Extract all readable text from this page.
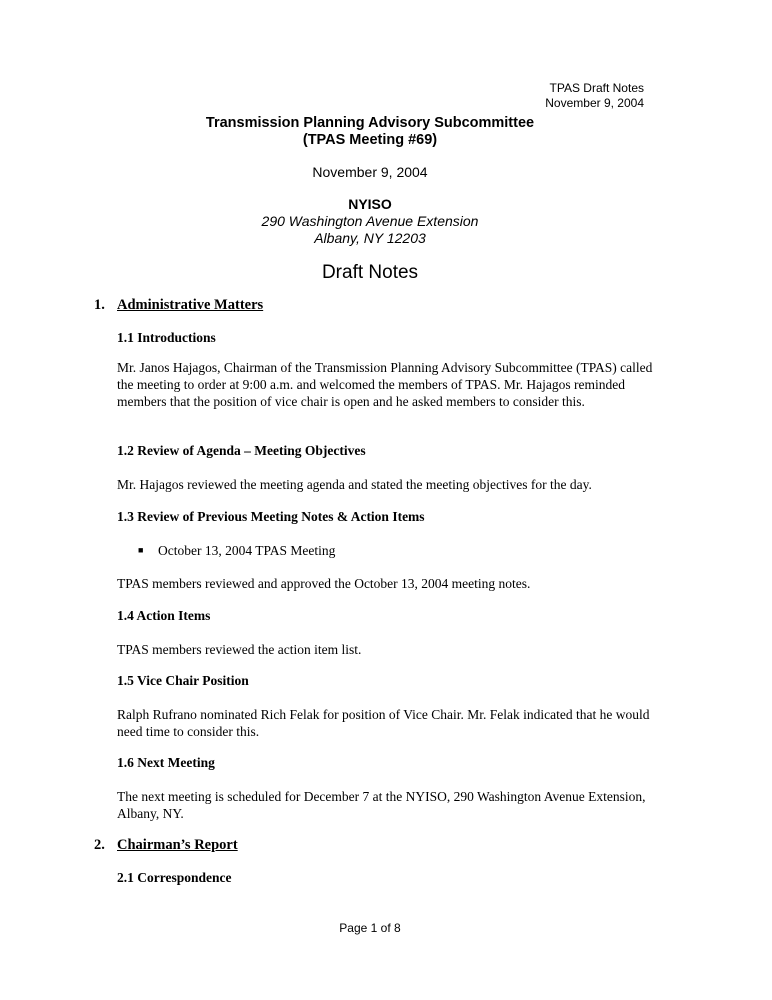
TPAS Draft Notes
November 9, 2004
Transmission Planning Advisory Subcommittee
(TPAS Meeting #69)
November 9, 2004
NYISO
290 Washington Avenue Extension
Albany, NY 12203
Draft Notes
1. Administrative Matters
1.1 Introductions
Mr. Janos Hajagos, Chairman of the Transmission Planning Advisory Subcommittee (TPAS) called the meeting to order at 9:00 a.m. and welcomed the members of TPAS. Mr. Hajagos reminded members that the position of vice chair is open and he asked members to consider this.
1.2 Review of Agenda – Meeting Objectives
Mr. Hajagos reviewed the meeting agenda and stated the meeting objectives for the day.
1.3 Review of Previous Meeting Notes & Action Items
■ October 13, 2004 TPAS Meeting
TPAS members reviewed and approved the October 13, 2004 meeting notes.
1.4 Action Items
TPAS members reviewed the action item list.
1.5 Vice Chair Position
Ralph Rufrano nominated Rich Felak for position of Vice Chair. Mr. Felak indicated that he would need time to consider this.
1.6 Next Meeting
The next meeting is scheduled for December 7 at the NYISO, 290 Washington Avenue Extension, Albany, NY.
2. Chairman’s Report
2.1 Correspondence
Page 1 of 8
